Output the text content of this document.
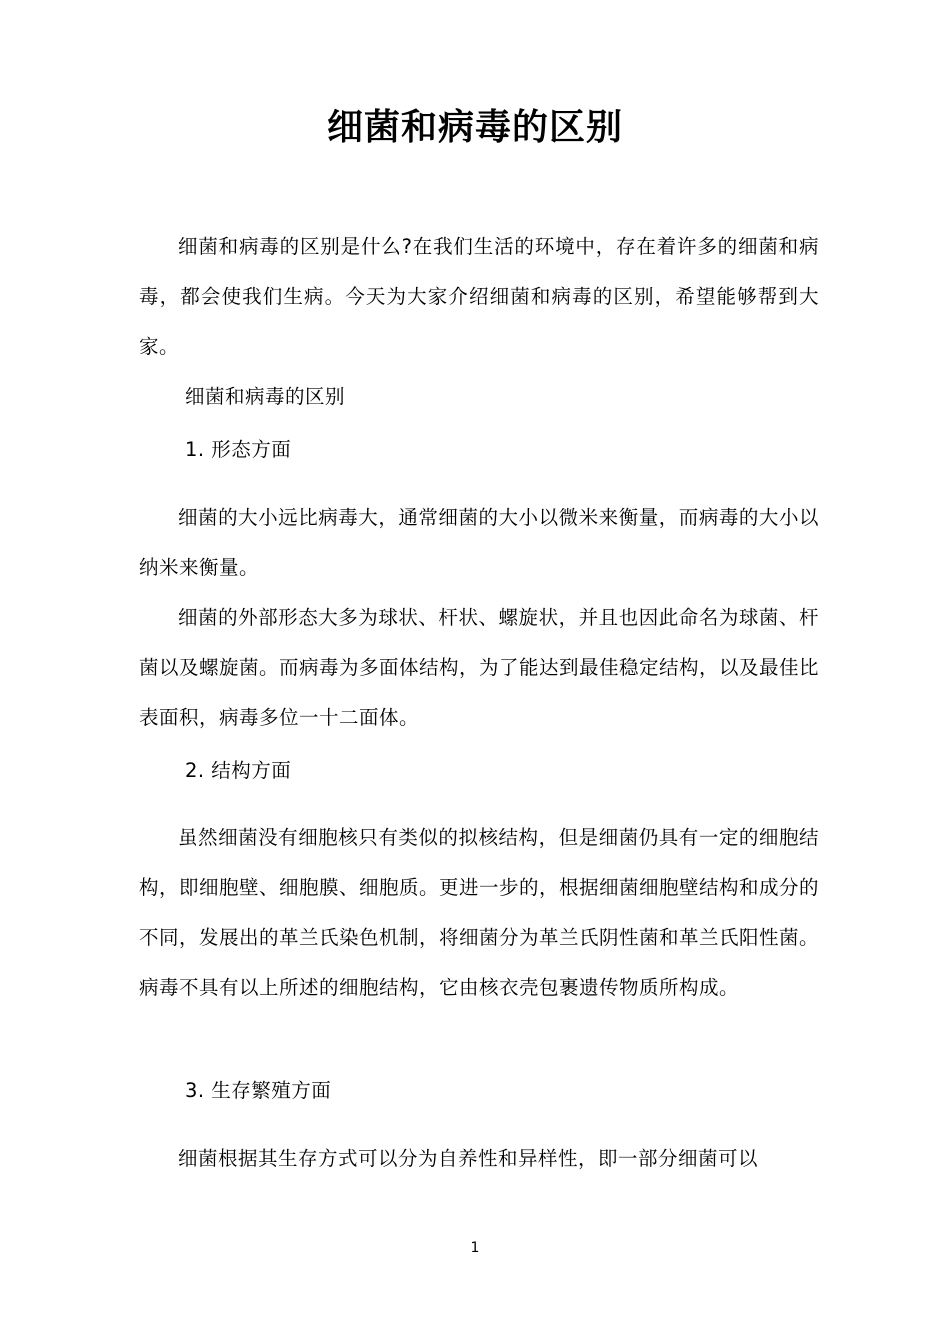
细菌和病毒的区别

细菌和病毒的区别是什么?在我们生活的环境中，存在着许多的细菌和病毒，都会使我们生病。今天为大家介绍细菌和病毒的区别，希望能够帮到大家。

细菌和病毒的区别

1. 形态方面

细菌的大小远比病毒大，通常细菌的大小以微米来衡量，而病毒的大小以纳米来衡量。

细菌的外部形态大多为球状、杆状、螺旋状，并且也因此命名为球菌、杆菌以及螺旋菌。而病毒为多面体结构，为了能达到最佳稳定结构，以及最佳比表面积，病毒多位一十二面体。

2. 结构方面

虽然细菌没有细胞核只有类似的拟核结构，但是细菌仍具有一定的细胞结构，即细胞壁、细胞膜、细胞质。更进一步的，根据细菌细胞壁结构和成分的不同，发展出的革兰氏染色机制，将细菌分为革兰氏阴性菌和革兰氏阳性菌。病毒不具有以上所述的细胞结构，它由核衣壳包裹遗传物质所构成。

3. 生存繁殖方面

细菌根据其生存方式可以分为自养性和异样性，即一部分细菌可以

1
